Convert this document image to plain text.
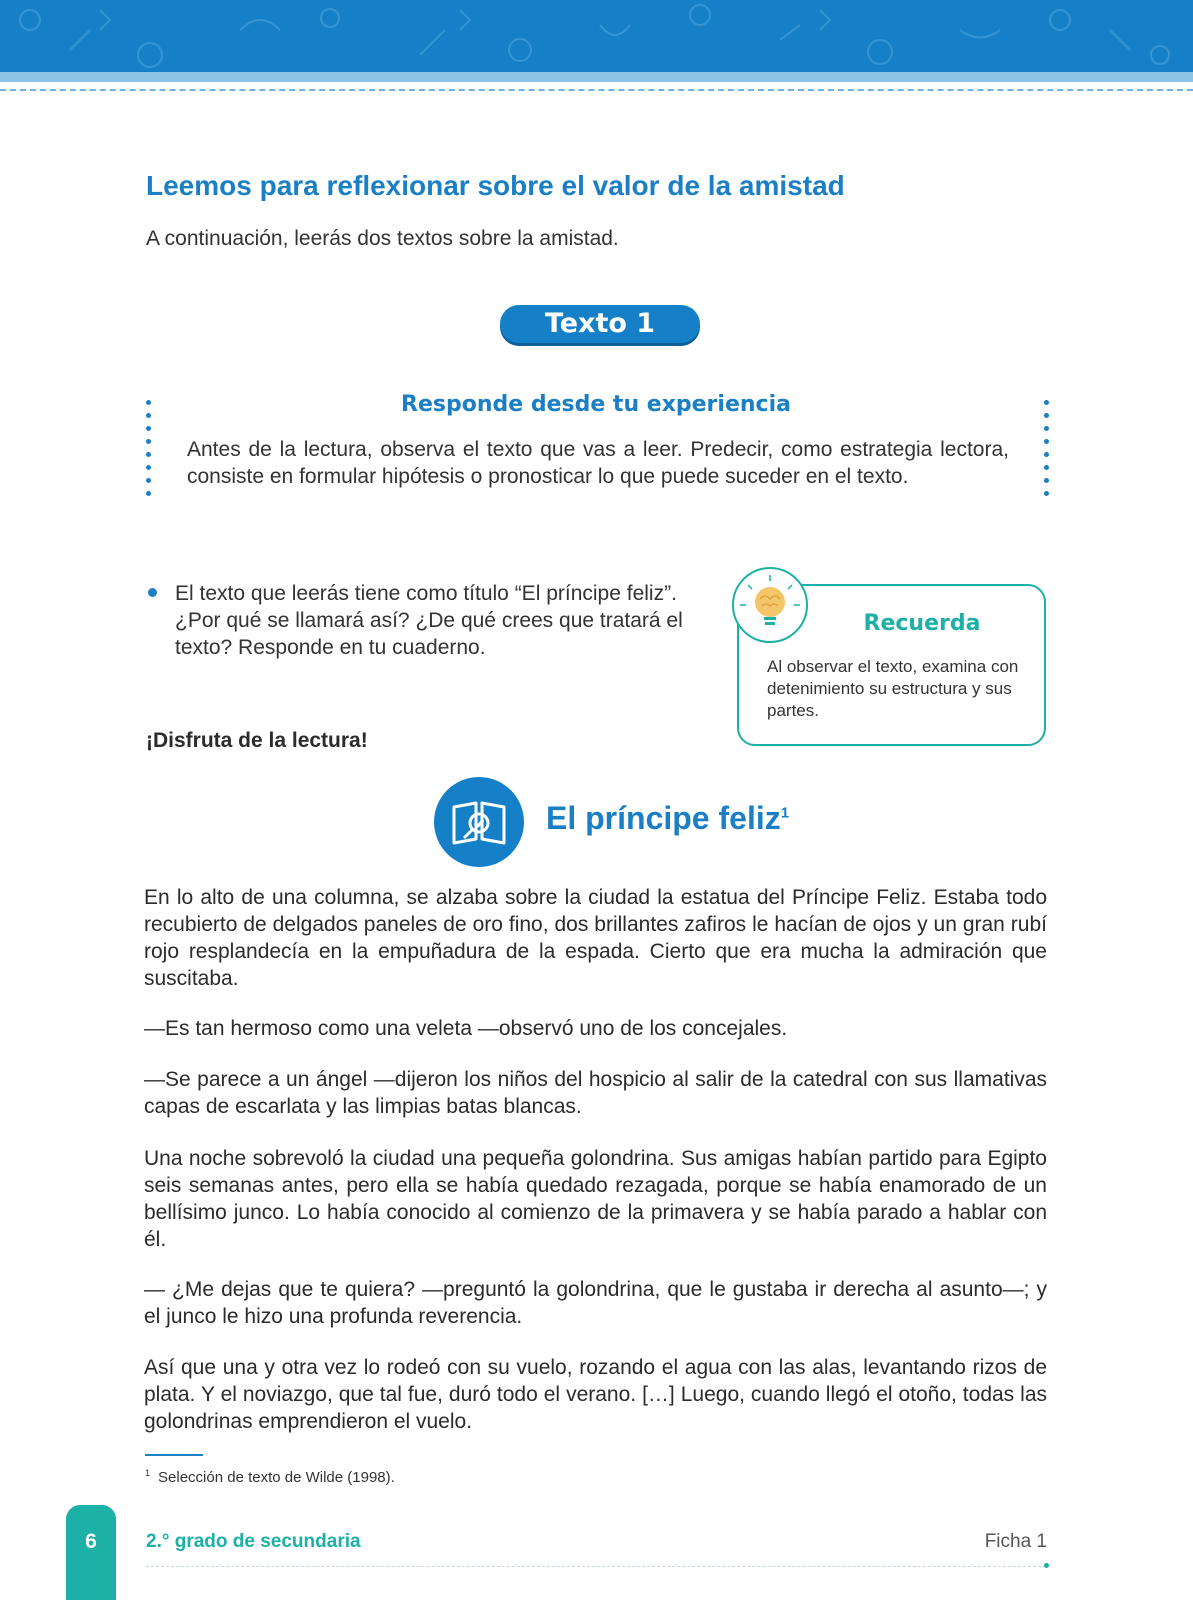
Leemos para reflexionar sobre el valor de la amistad

A continuación, leerás dos textos sobre la amistad.

Texto 1
Responde desde tu experiencia

Antes de la lectura, observa el texto que vas a leer. Predecir, como estrategia lectora, consiste en formular hipótesis o pronosticar lo que puede suceder en el texto.

El texto que leerás tiene como título “El príncipe feliz”. ¿Por qué se llamará así? ¿De qué crees que tratará el texto? Responde en tu cuaderno.

Recuerda

Al observar el texto, examina con detenimiento su estructura y sus partes.

¡Disfruta de la lectura!

El príncipe feliz$^1$

En lo alto de una columna, se alzaba sobre la ciudad la estatua del Príncipe Feliz. Estaba todo recubierto de delgados paneles de oro fino, dos brillantes zafiros le hacían de ojos y un gran rubí rojo resplandecía en la empuñadura de la espada. Cierto que era mucha la admiración que suscitaba.

—Es tan hermoso como una veleta —observó uno de los concejales.

—Se parece a un ángel —dijeron los niños del hospicio al salir de la catedral con sus llamativas capas de escarlata y las limpias batas blancas.

Una noche sobrevoló la ciudad una pequeña golondrina. Sus amigas habían partido para Egipto seis semanas antes, pero ella se había quedado rezagada, porque se había enamorado de un bellísimo junco. Lo había conocido al comienzo de la primavera y se había parado a hablar con él.

— ¿Me dejas que te quiera? —preguntó la golondrina, que le gustaba ir derecha al asunto—; y el junco le hizo una profunda reverencia.

Así que una y otra vez lo rodeó con su vuelo, rozando el agua con las alas, levantando rizos de plata. Y el noviazgo, que tal fue, duró todo el verano. […] Luego, cuando llegó el otoño, todas las golondrinas emprendieron el vuelo.

$^1$ Selección de texto de Wilde (1998).

6	2.° grado de secundaria	Ficha 1
